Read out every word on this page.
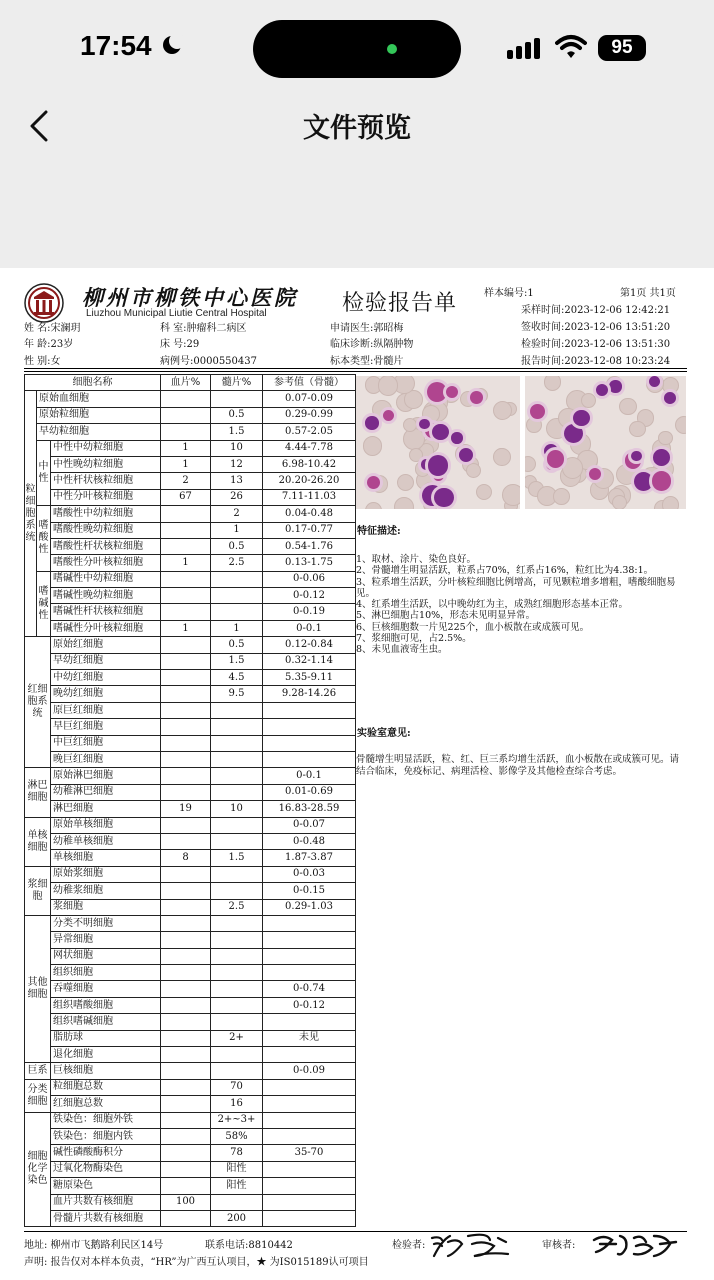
17:54	95
文件预览
柳州市柳铁中心医院
Liuzhou Municipal Liutie Central Hospital	检验报告单	样本编号:1	第1页 共1页
采样时间:2023-12-06 12:42:21
签收时间:2023-12-06 13:51:20
检验时间:2023-12-06 13:51:30
报告时间:2023-12-08 10:23:24
姓 名:宋澜玥
年 龄:23岁
性 别:女
科 室:肿瘤科二病区
床 号:29
病例号:0000550437
申请医生:郭昭梅
临床诊断:纵隔肿物
标本类型:骨髓片
细胞名称			血片%	髓片%	参考值（骨髓）
粒细胞系统	原始血细胞				0.07-0.09
	原始粒细胞			0.5	0.29-0.99
	早幼粒细胞			1.5	0.57-2.05
	中性	中性中幼粒细胞	1	10	4.44-7.78
		中性晚幼粒细胞	1	12	6.98-10.42
		中性杆状核粒细胞	2	13	20.20-26.20
		中性分叶核粒细胞	67	26	7.11-11.03
	嗜酸性	嗜酸性中幼粒细胞		2	0.04-0.48
		嗜酸性晚幼粒细胞		1	0.17-0.77
		嗜酸性杆状核粒细胞		0.5	0.54-1.76
		嗜酸性分叶核粒细胞	1	2.5	0.13-1.75
	嗜碱性	嗜碱性中幼粒细胞			0-0.06
		嗜碱性晚幼粒细胞			0-0.12
		嗜碱性杆状核粒细胞			0-0.19
		嗜碱性分叶核粒细胞	1	1	0-0.1
红细胞系统		原始红细胞		0.5	0.12-0.84
		早幼红细胞		1.5	0.32-1.14
		中幼红细胞		4.5	5.35-9.11
		晚幼红细胞		9.5	9.28-14.26
		原巨红细胞			
		早巨红细胞			
		中巨红细胞			
		晚巨红细胞			
淋巴细胞		原始淋巴细胞			0-0.1
		幼稚淋巴细胞			0.01-0.69
		淋巴细胞	19	10	16.83-28.59
单核细胞		原始单核细胞			0-0.07
		幼稚单核细胞			0-0.48
		单核细胞	8	1.5	1.87-3.87
浆细胞		原始浆细胞			0-0.03
		幼稚浆细胞			0-0.15
		浆细胞		2.5	0.29-1.03
其他细胞		分类不明细胞			
		异常细胞			
		网状细胞			
		组织细胞			
		吞噬细胞			0-0.74
		组织嗜酸细胞			0-0.12
		组织嗜碱细胞			
		脂肪球		2+	未见
		退化细胞			
巨系		巨核细胞			0-0.09
分类细胞		粒细胞总数		70	
		红细胞总数		16	
细胞化学染色		铁染色：细胞外铁		2+~3+	
		铁染色：细胞内铁		58%	
		碱性磷酸酶积分		78	35-70
		过氧化物酶染色		阳性	
		糖原染色		阳性	
		血片共数有核细胞	100		
		骨髓片共数有核细胞		200	
特征描述:
1、取材、涂片、染色良好。
2、骨髓增生明显活跃，粒系占70%，红系占16%，粒红比为4.38:1。
3、粒系增生活跃，分叶核粒细胞比例增高，可见颗粒增多增粗，嗜酸细胞易见。
4、红系增生活跃，以中晚幼红为主，成熟红细胞形态基本正常。
5、淋巴细胞占10%，形态未见明显异常。
6、巨核细胞数一片见225个，血小板散在或成簇可见。
7、浆细胞可见，占2.5%。
8、未见血液寄生虫。
实验室意见:
骨髓增生明显活跃，粒、红、巨三系均增生活跃，血小板散在或成簇可见。请结合临床，免疫标记、病理活检、影像学及其他检查综合考虑。
地址: 柳州市飞鹅路利民区14号	联系电话:8810442	检验者:	审核者:
声明: 报告仅对本样本负责，“HR”为广西互认项目，★ 为IS015189认可项目
